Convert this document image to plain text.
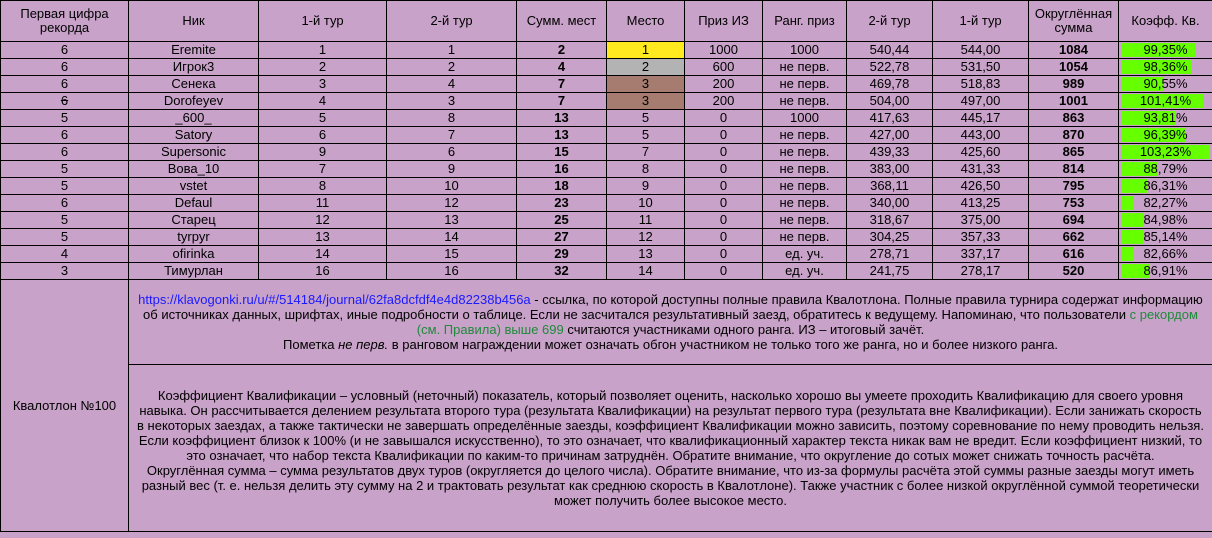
Первая цифра рекорда	Ник	1-й тур	2-й тур	Сумм. мест	Место	Приз ИЗ	Ранг. приз	2-й тур	1-й тур	Округлённая сумма	Коэфф. Кв.
6	Eremite	1	1	2	1	1000	1000	540,44	544,00	1084	99,35%

6	Игрок3	2	2	4	2	600	не перв.	522,78	531,50	1054	98,36%

6	Сенека	3	4	7	3	200	не перв.	469,78	518,83	989	90,55%

6	Dorofeyev	4	3	7	3	200	не перв.	504,00	497,00	1001	101,41%

5	_600_	5	8	13	5	0	1000	417,63	445,17	863	93,81%

6	Satory	6	7	13	5	0	не перв.	427,00	443,00	870	96,39%

6	Supersonic	9	6	15	7	0	не перв.	439,33	425,60	865	103,23%

5	Вова_10	7	9	16	8	0	не перв.	383,00	431,33	814	88,79%

5	vstet	8	10	18	9	0	не перв.	368,11	426,50	795	86,31%

6	Defaul	11	12	23	10	0	не перв.	340,00	413,25	753	82,27%

5	Старец	12	13	25	11	0	не перв.	318,67	375,00	694	84,98%

5	tyrpyr	13	14	27	12	0	не перв.	304,25	357,33	662	85,14%

4	ofirinka	14	15	29	13	0	ед. уч.	278,71	337,17	616	82,66%

3	Тимурлан	16	16	32	14	0	ед. уч.	241,75	278,17	520	86,91%

Квалотлон №100	https://klavogonki.ru/u/#/514184/journal/62fa8dcfdf4e4d82238b456a - ссылка, по которой доступны полные правила Квалотлона. Полные правила турнира содержат информацию об источниках данных, шрифтах, иные подробности о таблице. Если не засчитался результативный заезд, обратитесь к ведущему. Напоминаю, что пользователи с рекордом (см. Правила) выше 699 считаются участниками одного ранга. ИЗ – итоговый зачёт.

Пометка не перв. в ранговом награждении может означать обгон участником не только того же ранга, но и более низкого ранга.										

	Коэффициент Квалификации – условный (неточный) показатель, который позволяет оценить, насколько хорошо вы умеете проходить Квалификацию для своего уровня навыка. Он рассчитывается делением результата второго тура (результата Квалификации) на результат первого тура (результата вне Квалификации). Если занижать скорость в некоторых заездах, а также тактически не завершать определённые заезды, коэффициент Квалификации можно зависить, поэтому соревнование по нему проводить нельзя.

Если коэффициент близок к 100% (и не завышался искусственно), то это означает, что квалификационный характер текста никак вам не вредит. Если коэффициент низкий, то это означает, что набор текста Квалификации по каким-то причинам затруднён. Обратите внимание, что округление до сотых может снижать точность расчёта.

Округлённая сумма – сумма результатов двух туров (округляется до целого числа). Обратите внимание, что из-за формулы расчёта этой суммы разные заезды могут иметь разный вес (т. е. нельзя делить эту сумму на 2 и трактовать результат как среднюю скорость в Квалотлоне). Также участник с более низкой округлённой суммой теоретически может получить более высокое место.										
